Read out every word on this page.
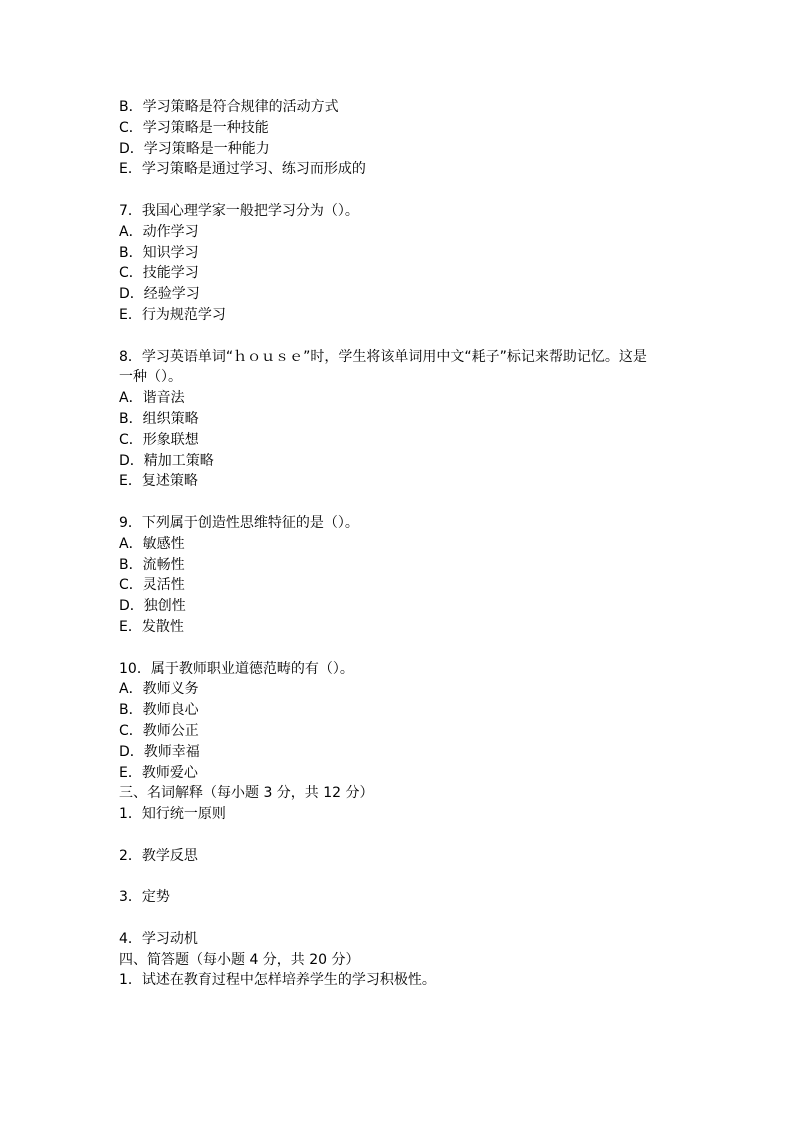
B．学习策略是符合规律的活动方式

C．学习策略是一种技能

D．学习策略是一种能力

E．学习策略是通过学习、练习而形成的

7．我国心理学家一般把学习分为（）。

A．动作学习

B．知识学习

C．技能学习

D．经验学习

E．行为规范学习

8．学习英语单词“ｈｏｕｓｅ”时，学生将该单词用中文“耗子”标记来帮助记忆。这是

一种（）。

A．谐音法

B．组织策略

C．形象联想

D．精加工策略

E．复述策略

9．下列属于创造性思维特征的是（）。

A．敏感性

B．流畅性

C．灵活性

D．独创性

E．发散性

10．属于教师职业道德范畴的有（）。

A．教师义务

B．教师良心

C．教师公正

D．教师幸福

E．教师爱心

三、名词解释（每小题 3 分，共 12 分）

1．知行统一原则

2．教学反思

3．定势

4．学习动机

四、简答题（每小题 4 分，共 20 分）

1．试述在教育过程中怎样培养学生的学习积极性。
